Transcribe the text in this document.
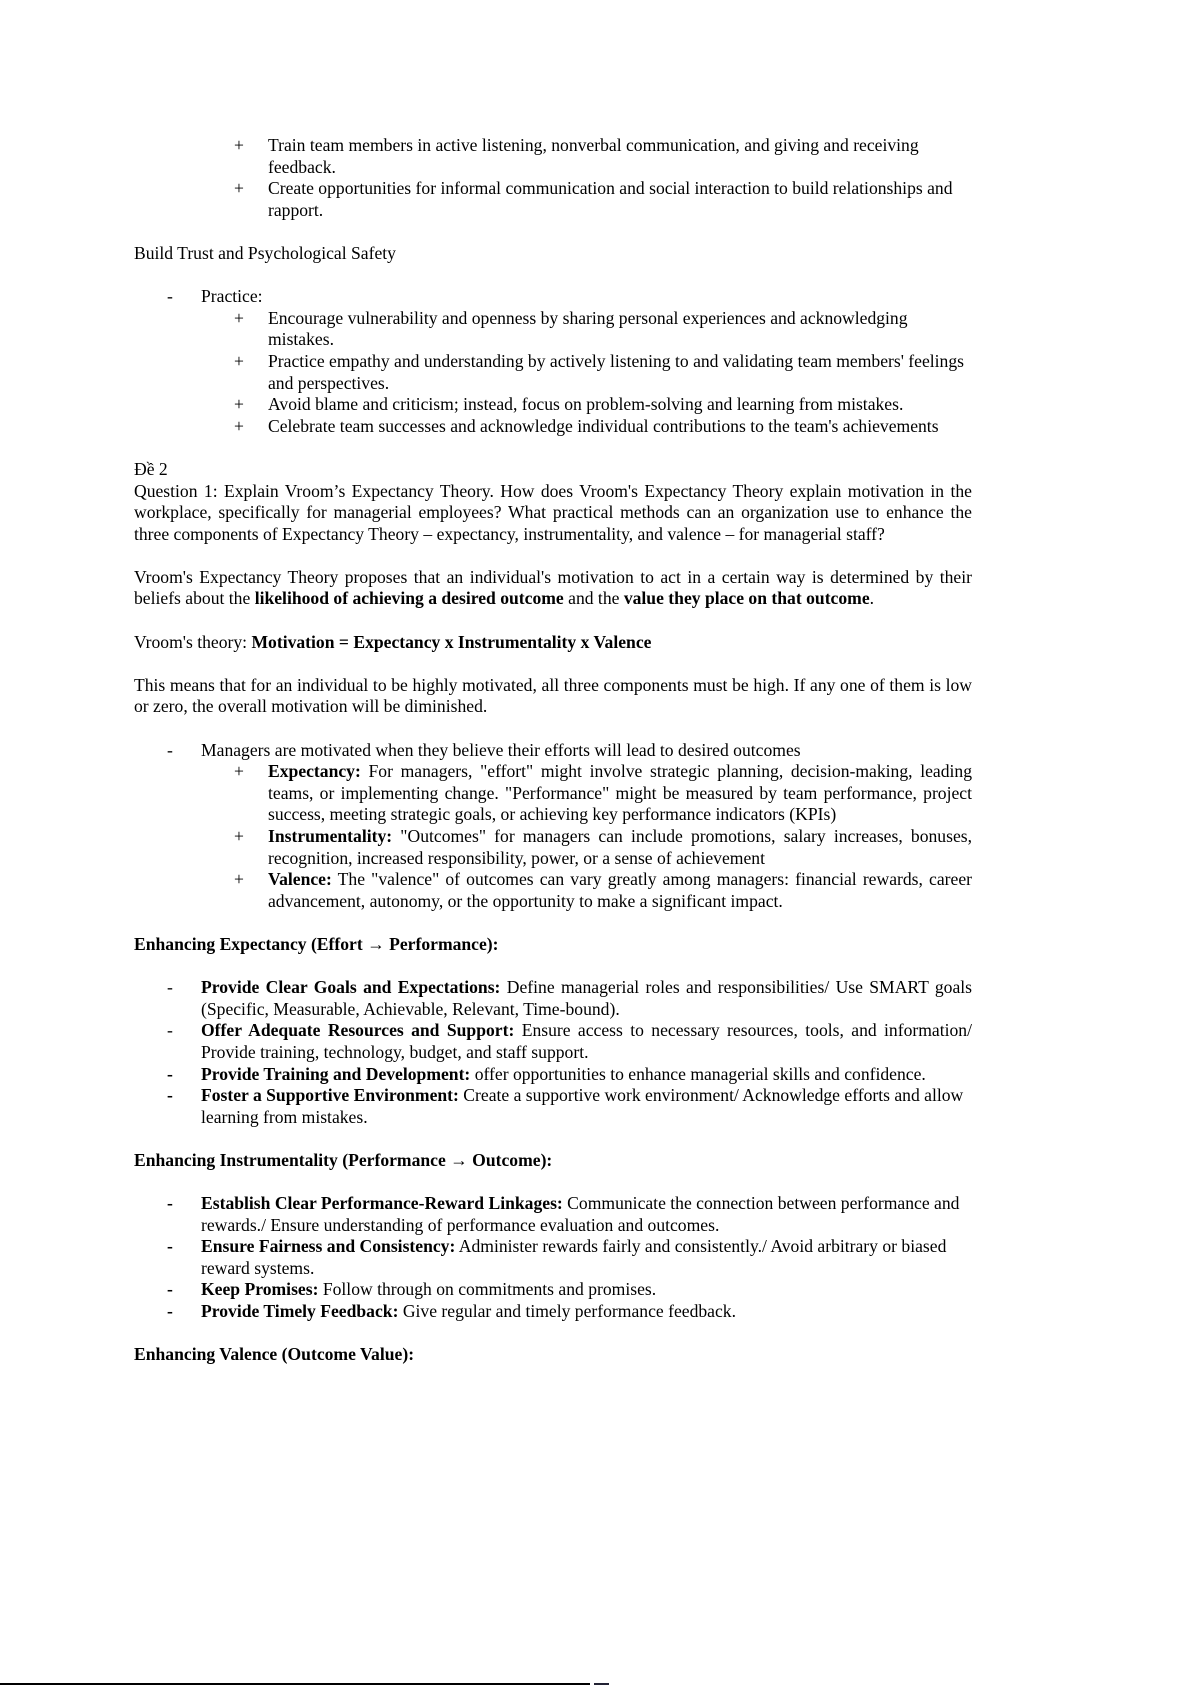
+ Train team members in active listening, nonverbal communication, and giving and receiving feedback.

+ Create opportunities for informal communication and social interaction to build relationships and rapport.

Build Trust and Psychological Safety

- Practice:

+ Encourage vulnerability and openness by sharing personal experiences and acknowledging mistakes.

+ Practice empathy and understanding by actively listening to and validating team members' feelings and perspectives.

+ Avoid blame and criticism; instead, focus on problem-solving and learning from mistakes.

+ Celebrate team successes and acknowledge individual contributions to the team's achievements

Đề 2

Question 1: Explain Vroom’s Expectancy Theory. How does Vroom's Expectancy Theory explain motivation in the workplace, specifically for managerial employees? What practical methods can an organization use to enhance the three components of Expectancy Theory – expectancy, instrumentality, and valence – for managerial staff?

Vroom's Expectancy Theory proposes that an individual's motivation to act in a certain way is determined by their beliefs about the likelihood of achieving a desired outcome and the value they place on that outcome.

Vroom's theory: Motivation = Expectancy x Instrumentality x Valence

This means that for an individual to be highly motivated, all three components must be high. If any one of them is low or zero, the overall motivation will be diminished.

- Managers are motivated when they believe their efforts will lead to desired outcomes

+ Expectancy: For managers, "effort" might involve strategic planning, decision-making, leading teams, or implementing change. "Performance" might be measured by team performance, project success, meeting strategic goals, or achieving key performance indicators (KPIs)

+ Instrumentality: "Outcomes" for managers can include promotions, salary increases, bonuses, recognition, increased responsibility, power, or a sense of achievement

+ Valence: The "valence" of outcomes can vary greatly among managers: financial rewards, career advancement, autonomy, or the opportunity to make a significant impact.

Enhancing Expectancy (Effort → Performance):

- Provide Clear Goals and Expectations: Define managerial roles and responsibilities/ Use SMART goals (Specific, Measurable, Achievable, Relevant, Time-bound).

- Offer Adequate Resources and Support: Ensure access to necessary resources, tools, and information/ Provide training, technology, budget, and staff support.

- Provide Training and Development: offer opportunities to enhance managerial skills and confidence.

- Foster a Supportive Environment: Create a supportive work environment/ Acknowledge efforts and allow learning from mistakes.

Enhancing Instrumentality (Performance → Outcome):

- Establish Clear Performance-Reward Linkages: Communicate the connection between performance and rewards./ Ensure understanding of performance evaluation and outcomes.

- Ensure Fairness and Consistency: Administer rewards fairly and consistently./ Avoid arbitrary or biased reward systems.

- Keep Promises: Follow through on commitments and promises.

- Provide Timely Feedback: Give regular and timely performance feedback.

Enhancing Valence (Outcome Value):
